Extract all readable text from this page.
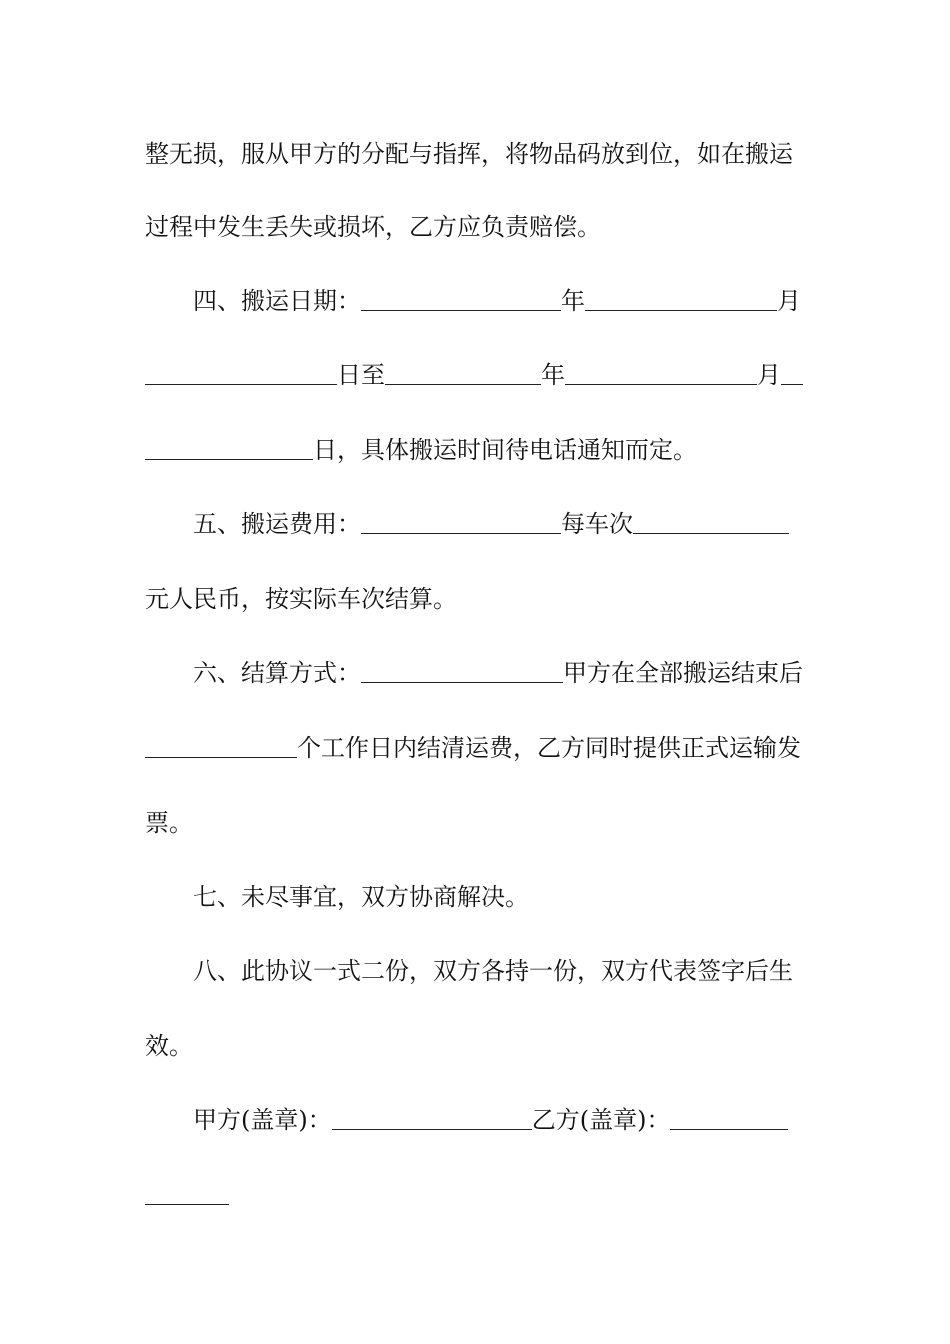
整无损，服从甲方的分配与指挥，将物品码放到位，如在搬运
过程中发生丢失或损坏，乙方应负责赔偿。
四、搬运日期：	年	月
日至	年	月
日，具体搬运时间待电话通知而定。
五、搬运费用：	每车次
元人民币，按实际车次结算。
六、结算方式：	甲方在全部搬运结束后
个工作日内结清运费，乙方同时提供正式运输发
票。
七、未尽事宜，双方协商解决。
八、此协议一式二份，双方各持一份，双方代表签字后生
效。
甲方(盖章)：	乙方(盖章)：
